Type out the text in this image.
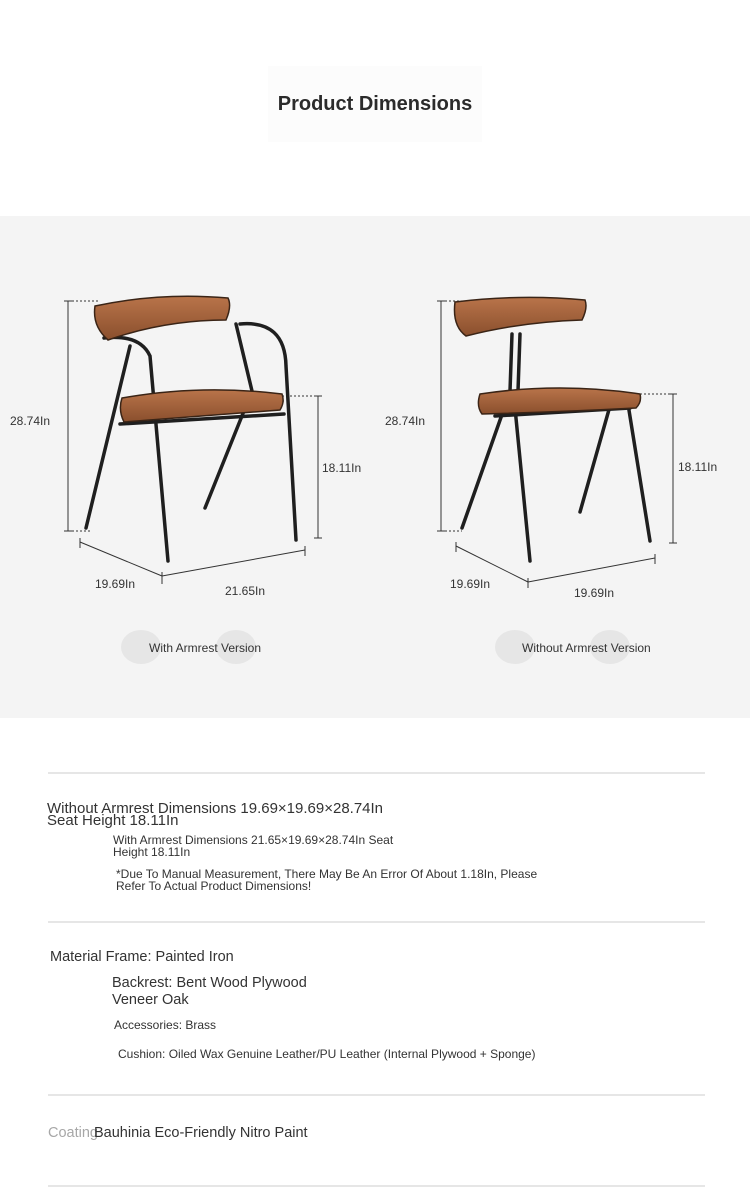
Product Dimensions
28.74In
18.11In
19.69In	21.65In
With Armrest Version
28.74In
18.11In
19.69In
19.69In
Without Armrest Version
Without Armrest Dimensions 19.69×19.69×28.74In
Seat Height 18.11In
With Armrest Dimensions 21.65×19.69×28.74In Seat Height 18.11In
*Due To Manual Measurement, There May Be An Error Of About 1.18In, Please Refer To Actual Product Dimensions!
Material Frame: Painted Iron
Backrest: Bent Wood Plywood Veneer Oak
Accessories: Brass
Cushion: Oiled Wax Genuine Leather/PU Leather (Internal Plywood + Sponge)
Coating
Bauhinia Eco-Friendly Nitro Paint
